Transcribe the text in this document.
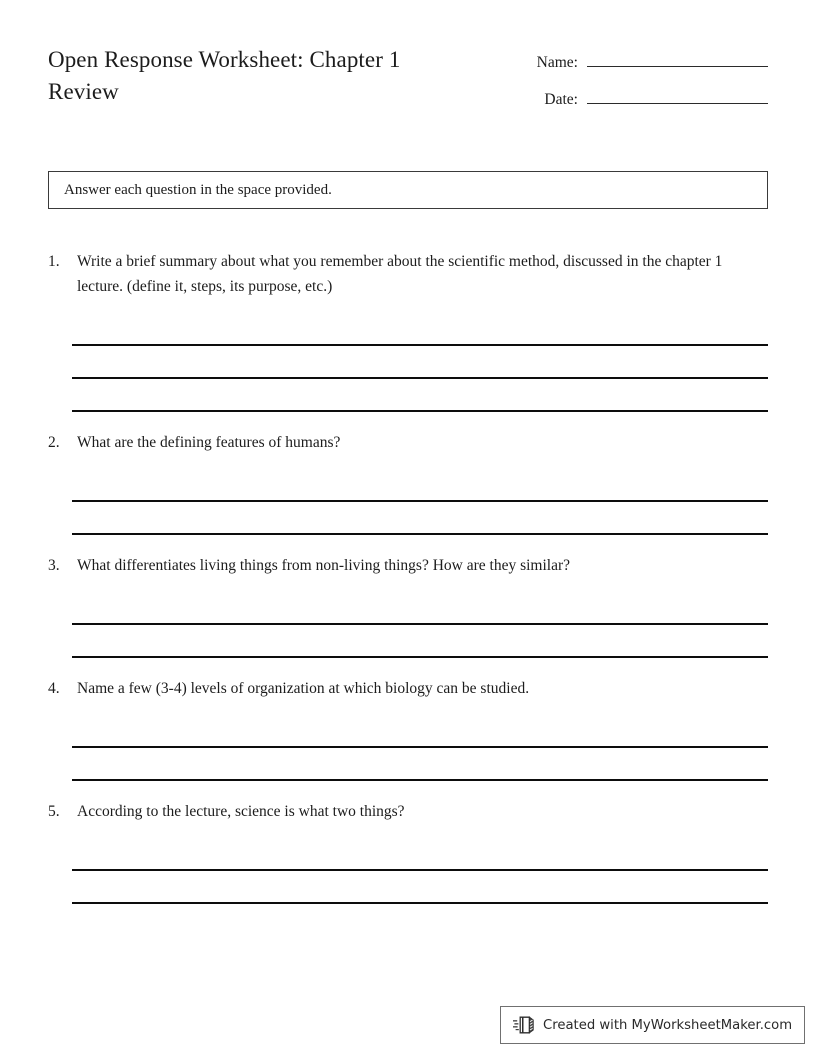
Open Response Worksheet: Chapter 1 Review
Name:
Date:
Answer each question in the space provided.
1.	Write a brief summary about what you remember about the scientific method, discussed in the chapter 1 lecture. (define it, steps, its purpose, etc.)
2.	What are the defining features of humans?
3.	What differentiates living things from non-living things? How are they similar?
4.	Name a few (3-4) levels of organization at which biology can be studied.
5.	According to the lecture, science is what two things?
Created with MyWorksheetMaker.com
